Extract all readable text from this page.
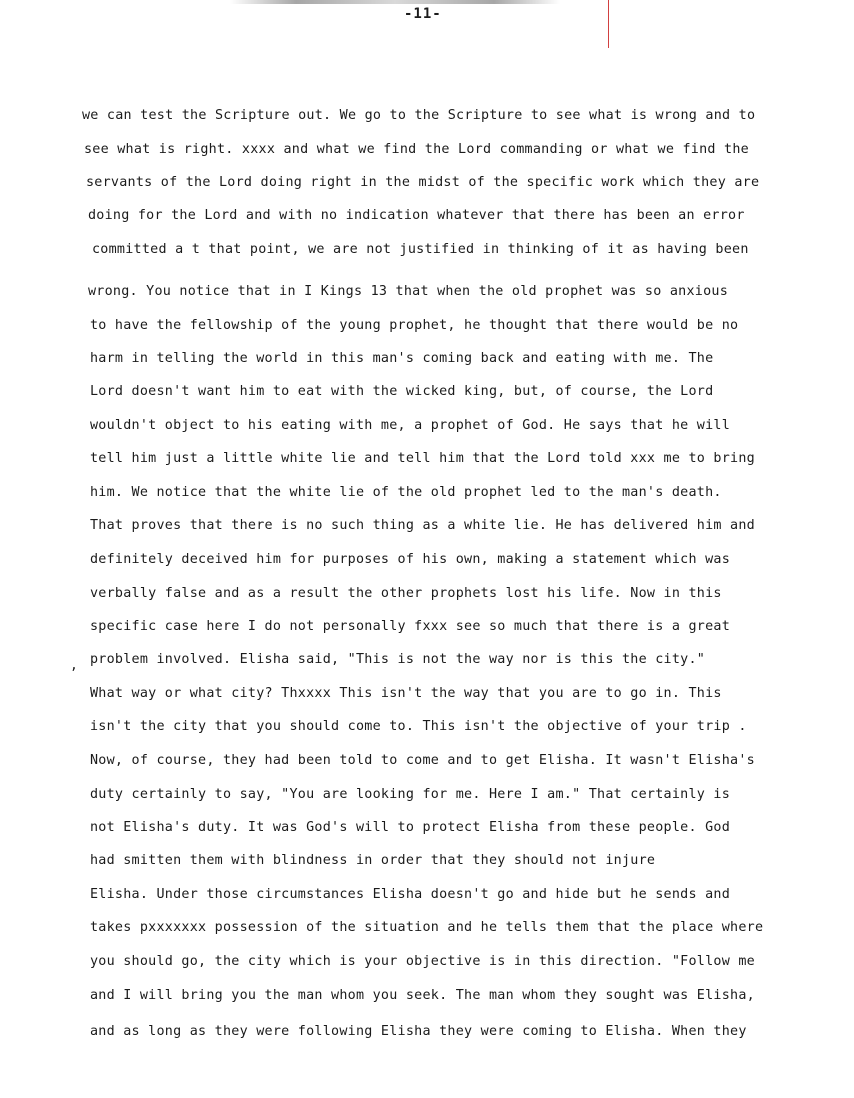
-11-
,
we can test the Scripture out. We go to the Scripture to see what is wrong and to
see what is right. xxxx and what we find the Lord commanding or what we find the
servants of the Lord doing right in the midst of the specific work which they are
doing for the Lord and with no indication whatever that there has been an error
committed a t that point, we are not justified in thinking of it as having been
wrong. You notice that in I Kings 13 that when the old prophet was so anxious
to have the fellowship of the young prophet, he thought that there would be no
harm in telling the world in this man's coming back and eating with me. The
Lord doesn't want him to eat with the wicked king, but, of course, the Lord
wouldn't object to his eating with me, a prophet of God. He says that he will
tell him just a little white lie and tell him that the Lord told xxx me to bring
him. We notice that the white lie of the old prophet led to the man's death.
That proves that there is no such thing as a white lie. He has delivered him and
definitely deceived him for purposes of his own, making a statement which was
verbally false and as a result the other prophets lost his life. Now in this
specific case here I do not personally fxxx see so much that there is a great
problem involved. Elisha said, "This is not the way nor is this the city."
What way or what city? Thxxxx This isn't the way that you are to go in. This
isn't the city that you should come to. This isn't the objective of your trip .
Now, of course, they had been told to come and to get Elisha. It wasn't Elisha's
duty certainly to say, "You are looking for me. Here I am." That certainly is
not Elisha's duty. It was God's will to protect Elisha from these people. God
had smitten them with blindness in order that they should not injure
Elisha. Under those circumstances Elisha doesn't go and hide but he sends and
takes pxxxxxxx possession of the situation and he tells them that the place where
you should go, the city which is your objective is in this direction. "Follow me
and I will bring you the man whom you seek. The man whom they sought was Elisha,
and as long as they were following Elisha they were coming to Elisha. When they
